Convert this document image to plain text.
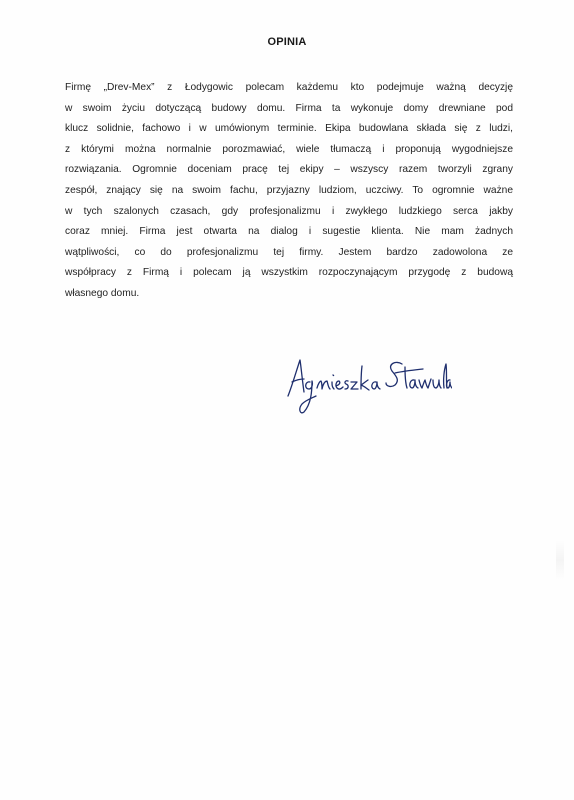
OPINIA
Firmę „Drev-Mex” z Łodygowic polecam każdemu kto podejmuje ważną decyzję
w swoim życiu dotyczącą budowy domu. Firma ta wykonuje domy drewniane pod
klucz solidnie, fachowo i w umówionym terminie. Ekipa budowlana składa się z ludzi,
z którymi można normalnie porozmawiać, wiele tłumaczą i proponują wygodniejsze
rozwiązania. Ogromnie doceniam pracę tej ekipy – wszyscy razem tworzyli zgrany
zespół, znający się na swoim fachu, przyjazny ludziom, uczciwy. To ogromnie ważne
w tych szalonych czasach, gdy profesjonalizmu i zwykłego ludzkiego serca jakby
coraz mniej. Firma jest otwarta na dialog i sugestie klienta. Nie mam żadnych
wątpliwości, co do profesjonalizmu tej firmy. Jestem bardzo zadowolona ze
współpracy z Firmą i polecam ją wszystkim rozpoczynającym przygodę z budową
własnego domu.
